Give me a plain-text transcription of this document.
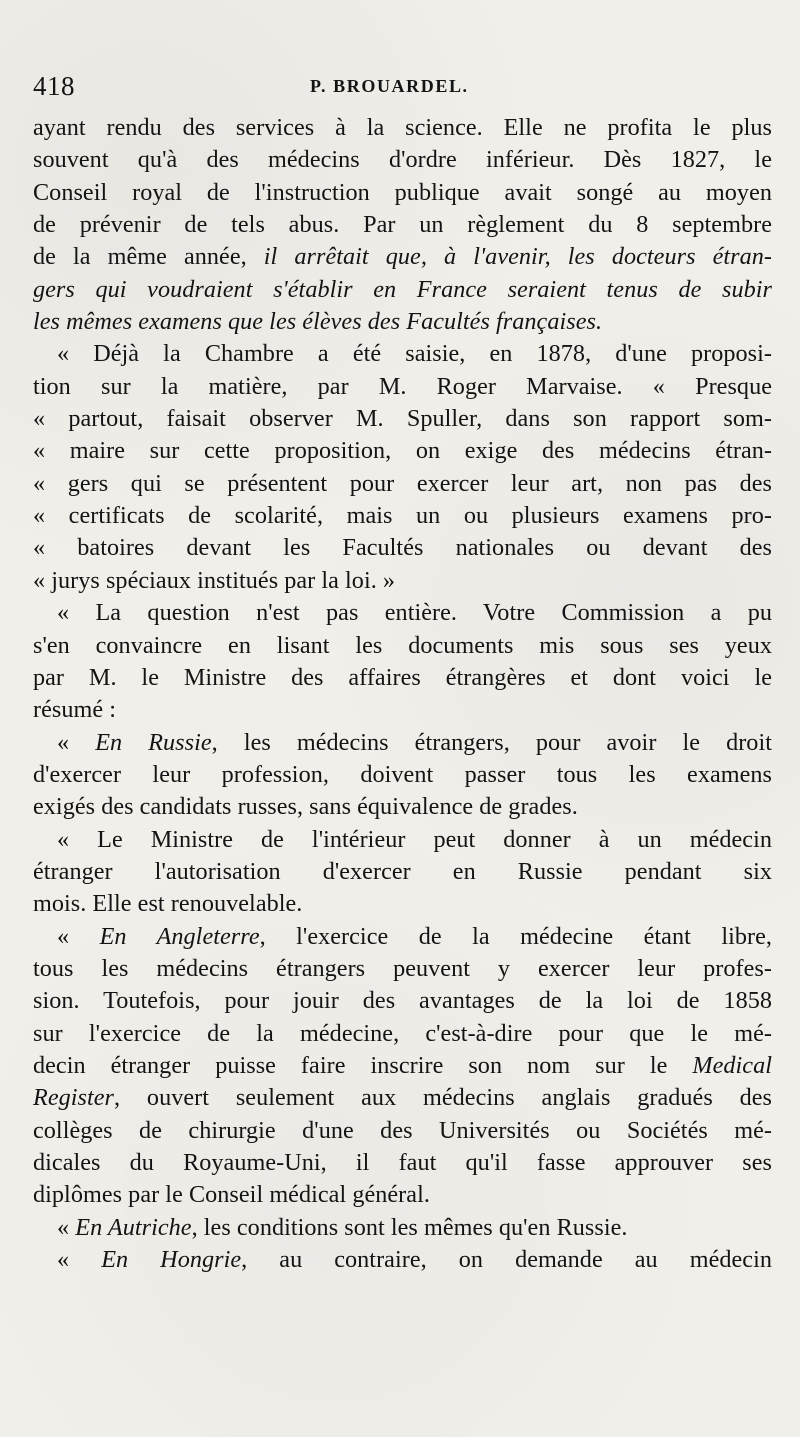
418	P. BROUARDEL.

ayant rendu des services à la science. Elle ne profita le plus
souvent qu'à des médecins d'ordre inférieur. Dès 1827, le
Conseil royal de l'instruction publique avait songé au moyen
de prévenir de tels abus. Par un règlement du 8 septembre
de la même année, il arrêtait que, à l'avenir, les docteurs étran-
gers qui voudraient s'établir en France seraient tenus de subir
les mêmes examens que les élèves des Facultés françaises.

« Déjà la Chambre a été saisie, en 1878, d'une proposi-
tion sur la matière, par M. Roger Marvaise. « Presque
« partout, faisait observer M. Spuller, dans son rapport som-
« maire sur cette proposition, on exige des médecins étran-
« gers qui se présentent pour exercer leur art, non pas des
« certificats de scolarité, mais un ou plusieurs examens pro-
« batoires devant les Facultés nationales ou devant des
« jurys spéciaux institués par la loi. »

« La question n'est pas entière. Votre Commission a pu
s'en convaincre en lisant les documents mis sous ses yeux
par M. le Ministre des affaires étrangères et dont voici le
résumé :

« En Russie, les médecins étrangers, pour avoir le droit
d'exercer leur profession, doivent passer tous les examens
exigés des candidats russes, sans équivalence de grades.

« Le Ministre de l'intérieur peut donner à un médecin
étranger l'autorisation d'exercer en Russie pendant six
mois. Elle est renouvelable.

« En Angleterre, l'exercice de la médecine étant libre,
tous les médecins étrangers peuvent y exercer leur profes-
sion. Toutefois, pour jouir des avantages de la loi de 1858
sur l'exercice de la médecine, c'est-à-dire pour que le mé-
decin étranger puisse faire inscrire son nom sur le Medical
Register, ouvert seulement aux médecins anglais gradués des
collèges de chirurgie d'une des Universités ou Sociétés mé-
dicales du Royaume-Uni, il faut qu'il fasse approuver ses
diplômes par le Conseil médical général.

« En Autriche, les conditions sont les mêmes qu'en Russie.

« En Hongrie, au contraire, on demande au médecin
